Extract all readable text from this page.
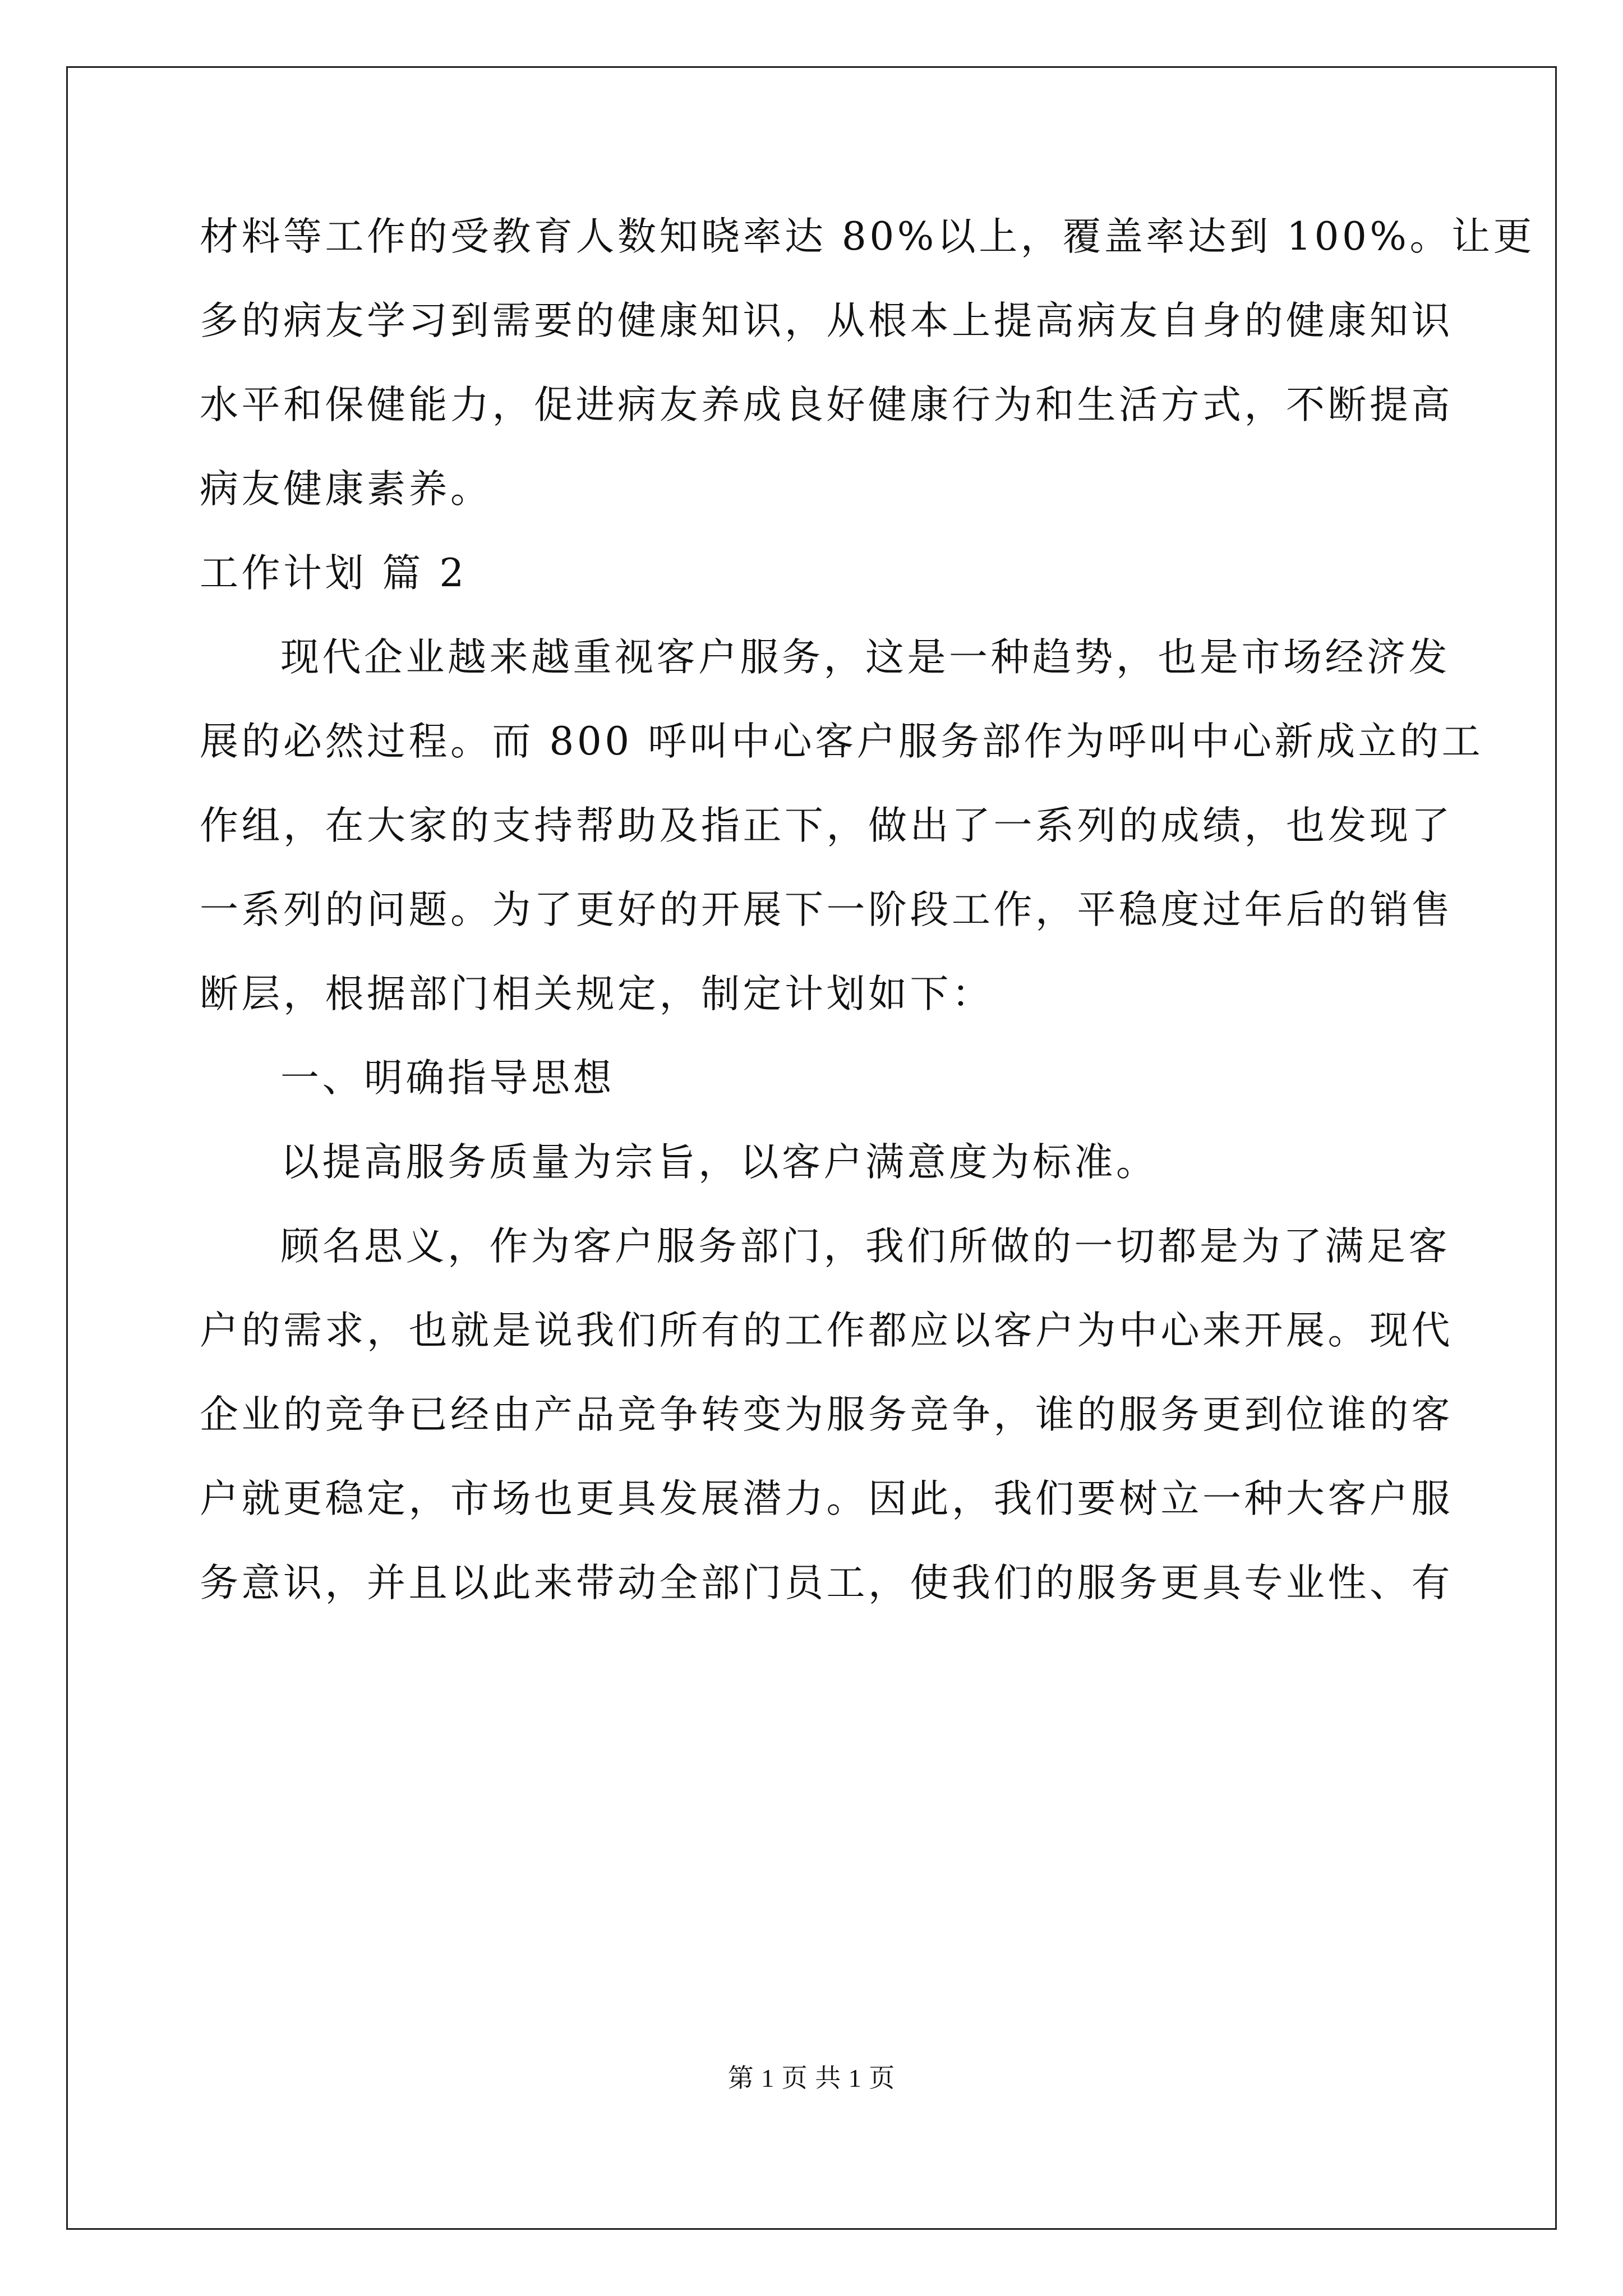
材料等工作的受教育人数知晓率达 80%以上，覆盖率达到 100%。让更
多的病友学习到需要的健康知识，从根本上提高病友自身的健康知识
水平和保健能力，促进病友养成良好健康行为和生活方式，不断提高
病友健康素养。
工作计划 篇 2
现代企业越来越重视客户服务，这是一种趋势，也是市场经济发
展的必然过程。而 800 呼叫中心客户服务部作为呼叫中心新成立的工
作组，在大家的支持帮助及指正下，做出了一系列的成绩，也发现了
一系列的问题。为了更好的开展下一阶段工作，平稳度过年后的销售
断层，根据部门相关规定，制定计划如下：
一、明确指导思想
以提高服务质量为宗旨，以客户满意度为标准。
顾名思义，作为客户服务部门，我们所做的一切都是为了满足客
户的需求，也就是说我们所有的工作都应以客户为中心来开展。现代
企业的竞争已经由产品竞争转变为服务竞争，谁的服务更到位谁的客
户就更稳定，市场也更具发展潜力。因此，我们要树立一种大客户服
务意识，并且以此来带动全部门员工，使我们的服务更具专业性、有
第 1 页 共 1 页
